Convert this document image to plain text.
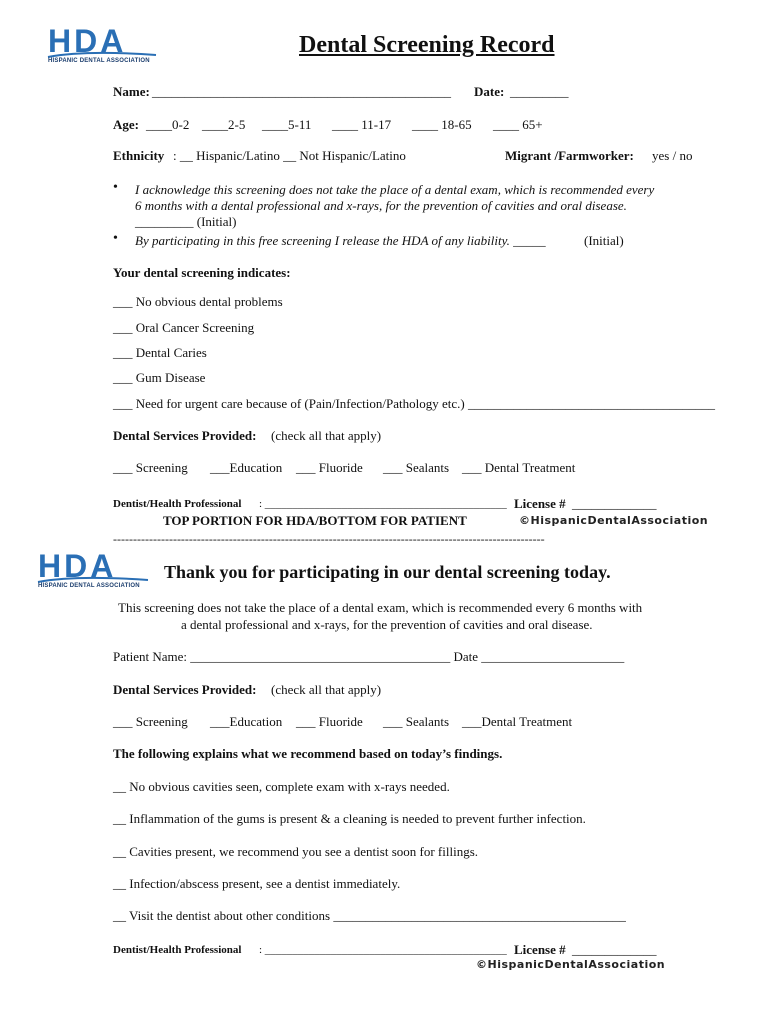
HDA
HISPANIC DENTAL ASSOCIATION
Dental Screening Record
Name: ______________________________________________ Date: _________
Age: ____0-2 ____2-5 ____5-11 ____ 11-17 ____ 18-65 ____ 65+
Ethnicity : __ Hispanic/Latino __ Not Hispanic/Latino	Migrant /Farmworker: yes / no
• I acknowledge this screening does not take the place of a dental exam, which is recommended every
6 months with a dental professional and x-rays, for the prevention of cavities and oral disease.
_________ (Initial)
• By participating in this free screening I release the HDA of any liability. _____	(Initial)
Your dental screening indicates:
___ No obvious dental problems
___ Oral Cancer Screening
___ Dental Caries
___ Gum Disease
___ Need for urgent care because of (Pain/Infection/Pathology etc.) ______________________________________
Dental Services Provided: (check all that apply)
___ Screening ___Education ___ Fluoride ___ Sealants ___ Dental Treatment
Dentist/Health Professional : ____________________________________________ License # _____________
TOP PORTION FOR HDA/BOTTOM FOR PATIENT	©HispanicDentalAssociation
------------------------------------------------------------------------------------------------------------
HDA
HISPANIC DENTAL ASSOCIATION
Thank you for participating in our dental screening today.
This screening does not take the place of a dental exam, which is recommended every 6 months with
a dental professional and x-rays, for the prevention of cavities and oral disease.
Patient Name: ________________________________________ Date ______________________
Dental Services Provided: (check all that apply)
___ Screening ___Education ___ Fluoride ___ Sealants ___Dental Treatment
The following explains what we recommend based on today’s findings.
__ No obvious cavities seen, complete exam with x-rays needed.
__ Inflammation of the gums is present & a cleaning is needed to prevent further infection.
__ Cavities present, we recommend you see a dentist soon for fillings.
__ Infection/abscess present, see a dentist immediately.
__ Visit the dentist about other conditions _____________________________________________
Dentist/Health Professional : ____________________________________________ License # _____________
©HispanicDentalAssociation
